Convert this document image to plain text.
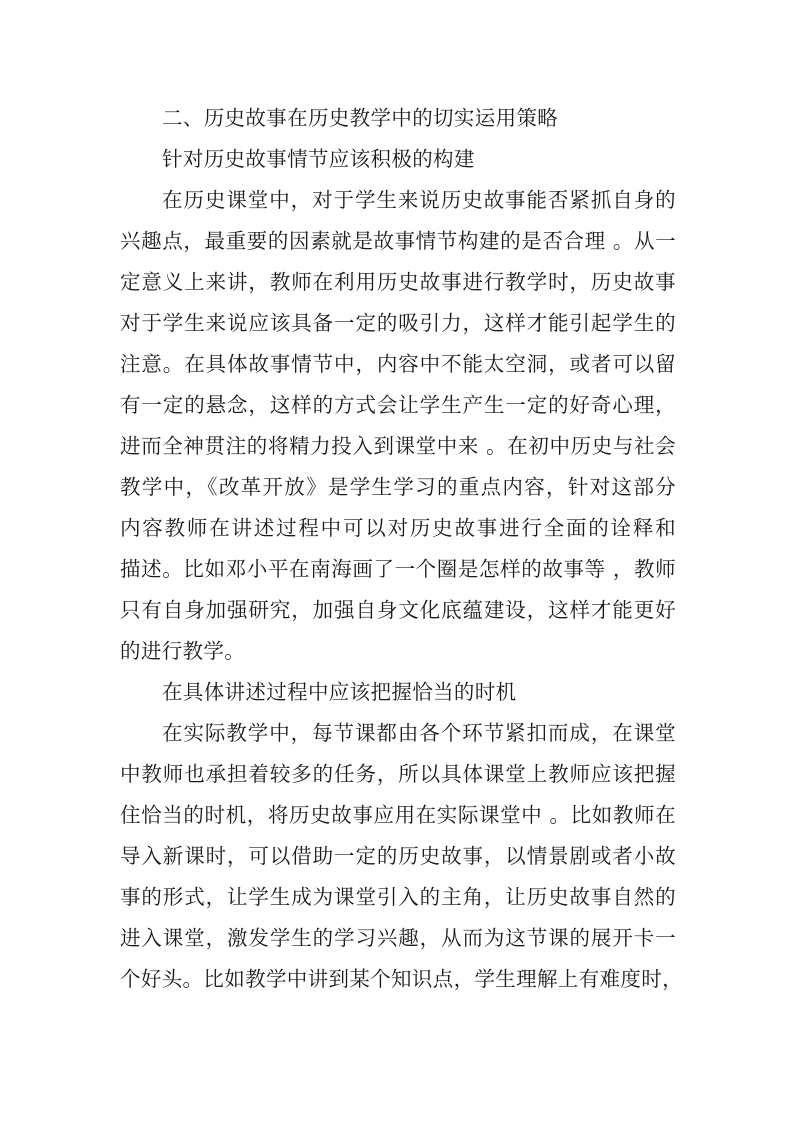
二、历史故事在历史教学中的切实运用策略
针对历史故事情节应该积极的构建
在历史课堂中，对于学生来说历史故事能否紧抓自身的
兴趣点，最重要的因素就是故事情节构建的是否合理 。从一
定意义上来讲，教师在利用历史故事进行教学时，历史故事
对于学生来说应该具备一定的吸引力，这样才能引起学生的
注意。在具体故事情节中，内容中不能太空洞，或者可以留
有一定的悬念，这样的方式会让学生产生一定的好奇心理，
进而全神贯注的将精力投入到课堂中来 。在初中历史与社会
教学中，《改革开放》是学生学习的重点内容，针对这部分
内容教师在讲述过程中可以对历史故事进行全面的诠释和
描述。比如邓小平在南海画了一个圈是怎样的故事等 ，教师
只有自身加强研究，加强自身文化底蕴建设，这样才能更好
的进行教学。
在具体讲述过程中应该把握恰当的时机
在实际教学中，每节课都由各个环节紧扣而成，在课堂
中教师也承担着较多的任务，所以具体课堂上教师应该把握
住恰当的时机，将历史故事应用在实际课堂中 。比如教师在
导入新课时，可以借助一定的历史故事，以情景剧或者小故
事的形式，让学生成为课堂引入的主角，让历史故事自然的
进入课堂，激发学生的学习兴趣，从而为这节课的展开卡一
个好头。比如教学中讲到某个知识点，学生理解上有难度时，
